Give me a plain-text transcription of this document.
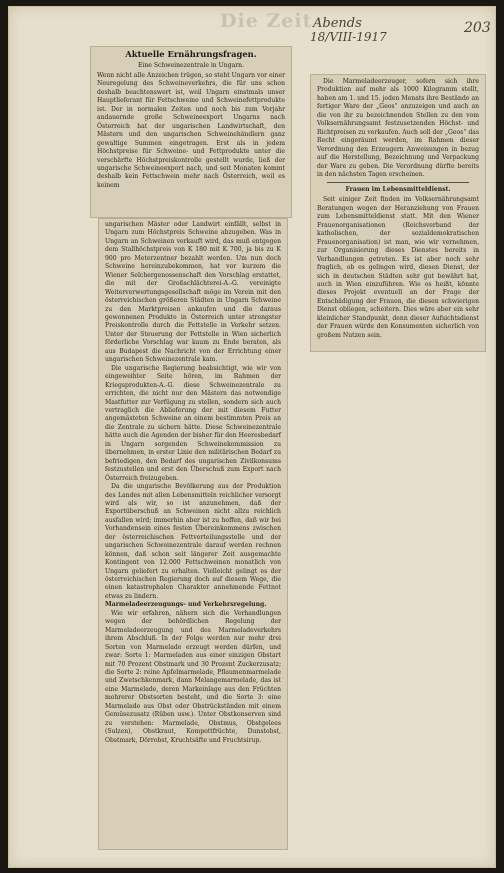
Die Zeit Abends
18/VIII-1917
203
Aktuelle Ernährungsfragen.
Eine Schweinezentrale in Ungarn.

Wenn nicht alle Anzeichen trügen, so steht Ungarn vor einer Neuregelung des Schweineverkehrs, die für uns schon deshalb beachtenswert ist, weil Ungarn einstmals unser Hauptlieferant für Fettschweine und Schweinefettprodukte ist. Der in normalen Zeiten und noch bis zum Vorjahr andauernde große Schweineexport Ungarns nach Österreich hat der ungarischen Landwirtschaft, den Mästern und den ungarischen Schweinehändlern ganz gewaltige Summen eingetragen. Erst als in jedem Höchstpreise für Schweine- und Fettprodukte unter die verschärfte Höchstpreiskontrolle gestellt wurde, ließ der ungarische Schweineexport nach, und seit Monaten kommt deshalb kein Fettschwein mehr nach Österreich, weil es keinem

ungarischen Mäster oder Landwirt einfällt, selbst in Ungarn zum Höchstpreis Schweine abzugeben. Was in Ungarn an Schweinen verkauft wird, das muß entgegen dem Stallhöchstpreis von K 180 mit K 700, ja bis zu K 900 pro Meterzentner bezahlt werden. Um nun doch Schweine hereinzubekommen, hat vor kurzem die Wiener Selchergenossenschaft den Vorschlag erstattet, die mit der Großschlächterei-A.-G. vereinigte Weiterverwertungsgesellschaft möge im Verein mit den österreichischen größeren Städten in Ungarn Schweine zu den Marktpreisen ankaufen und die daraus gewonnenen Produkte in Österreich unter strengster Preiskontrolle durch die Fettstelle in Verkehr setzen. Unter der Steuerung der Fettstelle in Wien sicherlich förderliche Vorschlag war kaum zu Ende beraten, als aus Budapest die Nachricht von der Errichtung einer ungarischen Schweinezentrale kam.

Die ungarische Regierung beabsichtigt, wie wir von eingeweihter Seite hören, im Rahmen der Kriegsprodukten-A.-G. diese Schweinezentrale zu errichten, die nicht nur den Mästern das notwendige Mastfutter zur Verfügung zu stellen, sondern sich auch vertraglich die Ablieferung der mit diesem Futter angemästeten Schweine an einem bestimmten Preis an die Zentrale zu sichern hätte. Diese Schweinezentrale hätte auch die Agenden der bisher für den Heeresbedarf in Ungarn sorgenden Schweinekommission zu übernehmen, in erster Linie den militärischen Bedarf zu befriedigen, den Bedarf des ungarischen Zivilkonsums festzustellen und erst den Überschuß zum Export nach Österreich freizugeben.

Da die ungarische Bevölkerung aus der Produktion des Landes mit allen Lebensmitteln reichlicher versorgt wird als wir, so ist anzunehmen, daß der Exportüberschuß an Schweinen nicht allzu reichlich ausfallen wird; immerhin aber ist zu hoffen, daß wir bei Vorhandensein eines festen Übereinkommens zwischen der österreichischen Fettverteilungsstelle und der ungarischen Schweinezentrale darauf werden rechnen können, daß schon seit längerer Zeit ausgemachte Kontingent von 12.000 Fettschweinen monatlich von Ungarn geliefert zu erhalten. Vielleicht gelingt es der österreichischen Regierung doch auf diesem Wege, die einen katastrophalen Charakter annehmende Fettnot etwas zu lindern.

Marmeladeerzeugungs- und Verkehrsregelung.

Wie wir erfahren, nähern sich die Verhandlungen wegen der behördlichen Regelung der Marmeladeerzeugung und des Marmeladeverkehrs ihrem Abschluß. In der Folge werden nur mehr drei Sorten von Marmelade erzeugt werden dürfen, und zwar: Sorte 1: Marmeladen aus einer einzigen Obstart mit 70 Prozent Obstmark und 30 Prozent Zuckerzusatz; die Sorte 2: reine Apfelmarmelade, Pflaumenmarmelade und Zwetschkenmark, dann Melangemarmelade, das ist eine Marmelade, deren Markeinlage aus den Früchten mehrerer Obstsorten besteht, und die Sorte 3: eine Marmelade aus Obst oder Obstrückständen mit einem Gemüsezusatz (Rüben usw.). Unter Obstkonserven sind zu verstehen: Marmelade, Obstmus, Obstgelees (Sulzen), Obstkraut, Kompottfrüchte, Dunstobst, Obstmark, Dörrobst, Kruchtsäfte und Fruchtsirup.

Die Marmeladeerzeuger, sofern sich ihre Produktion auf mehr als 1000 Kilogramm stellt, haben am 1. und 15. jeden Monats ihre Bestände an fertiger Ware der „Geos“ anzuzeigen und auch an die von ihr zu bezeichnenden Stellen zu den vom Volksernährungsamt festzusetzenden Höchst- und Richtpreisen zu verkaufen. Auch soll der „Geos“ das Recht eingeräumt werden, im Rahmen dieser Verordnung den Erzeugern Anweisungen in bezug auf die Herstellung, Bezeichnung und Verpackung der Ware zu geben. Die Verordnung dürfte bereits in den nächsten Tagen erscheinen.

Frauen im Lebensmitteldienst.

Seit einiger Zeit finden im Volksernährungsamt Beratungen wegen der Heranziehung von Frauen zum Lebensmitteldienst statt. Mit den Wiener Frauenorganisationen (Reichsverband der katholischen, der sozialdemokratischen Frauenorganisation) ist man, wie wir vernehmen, zur Organisierung dieses Dienstes bereits in Verhandlungen getreten. Es ist aber noch sehr fraglich, ob es gelingen wird, diesen Dienst, der sich in deutschen Städten sehr gut bewährt hat, auch in Wien einzuführen. Wie es heißt, könnte dieses Projekt eventuell an der Frage der Entschädigung der Frauen, die diesen schwierigen Dienst obliegen, scheitern. Dies wäre aber ein sehr kleinlicher Standpunkt, denn dieser Aufsichtsdienst der Frauen würde den Konsumenten sicherlich von großem Nutzen sein.
